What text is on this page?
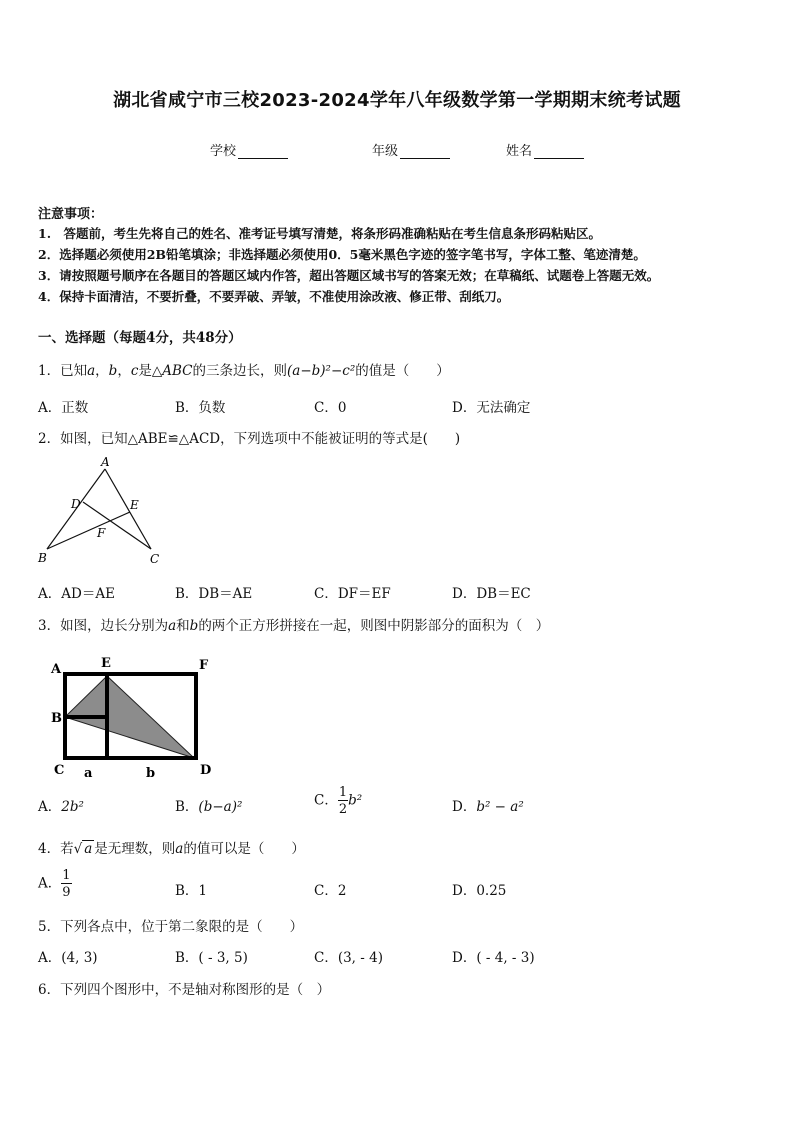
湖北省咸宁市三校2023-2024学年八年级数学第一学期期末统考试题
学校	年级	姓名
注意事项：
1.　答题前，考生先将自己的姓名、准考证号填写清楚，将条形码准确粘贴在考生信息条形码粘贴区。
2．选择题必须使用2B铅笔填涂；非选择题必须使用0．5毫米黑色字迹的签字笔书写，字体工整、笔迹清楚。
3．请按照题号顺序在各题目的答题区域内作答，超出答题区域书写的答案无效；在草稿纸、试题卷上答题无效。
4．保持卡面清洁，不要折叠，不要弄破、弄皱，不准使用涂改液、修正带、刮纸刀。
一、选择题（每题4分，共48分）
1．已知a，b，c是△ABC的三条边长，则(a−b)²−c²的值是（　　）
A．正数	B．负数	C．0	D．无法确定
2．如图，已知△ABE≌△ACD，下列选项中不能被证明的等式是(　　)
A
D	E
F
B	C
A．AD＝AE	B．DB＝AE	C．DF＝EF	D．DB＝EC
3．如图，边长分别为a和b的两个正方形拼接在一起，则图中阴影部分的面积为（　）
A	E	F
B
C	D
a	b
A．2b²	B．(b−a)²	C． $\frac{1}{2} b^2$	D．b² − a²
4．若√ a 是无理数，则a的值可以是（　　）
A． $\frac{1}{9}$	B．1	C．2	D．0.25
5．下列各点中，位于第二象限的是（　　）
A．(4, 3)	B．( - 3, 5)	C．(3, - 4)	D．( - 4, - 3)
6．下列四个图形中，不是轴对称图形的是（　）
